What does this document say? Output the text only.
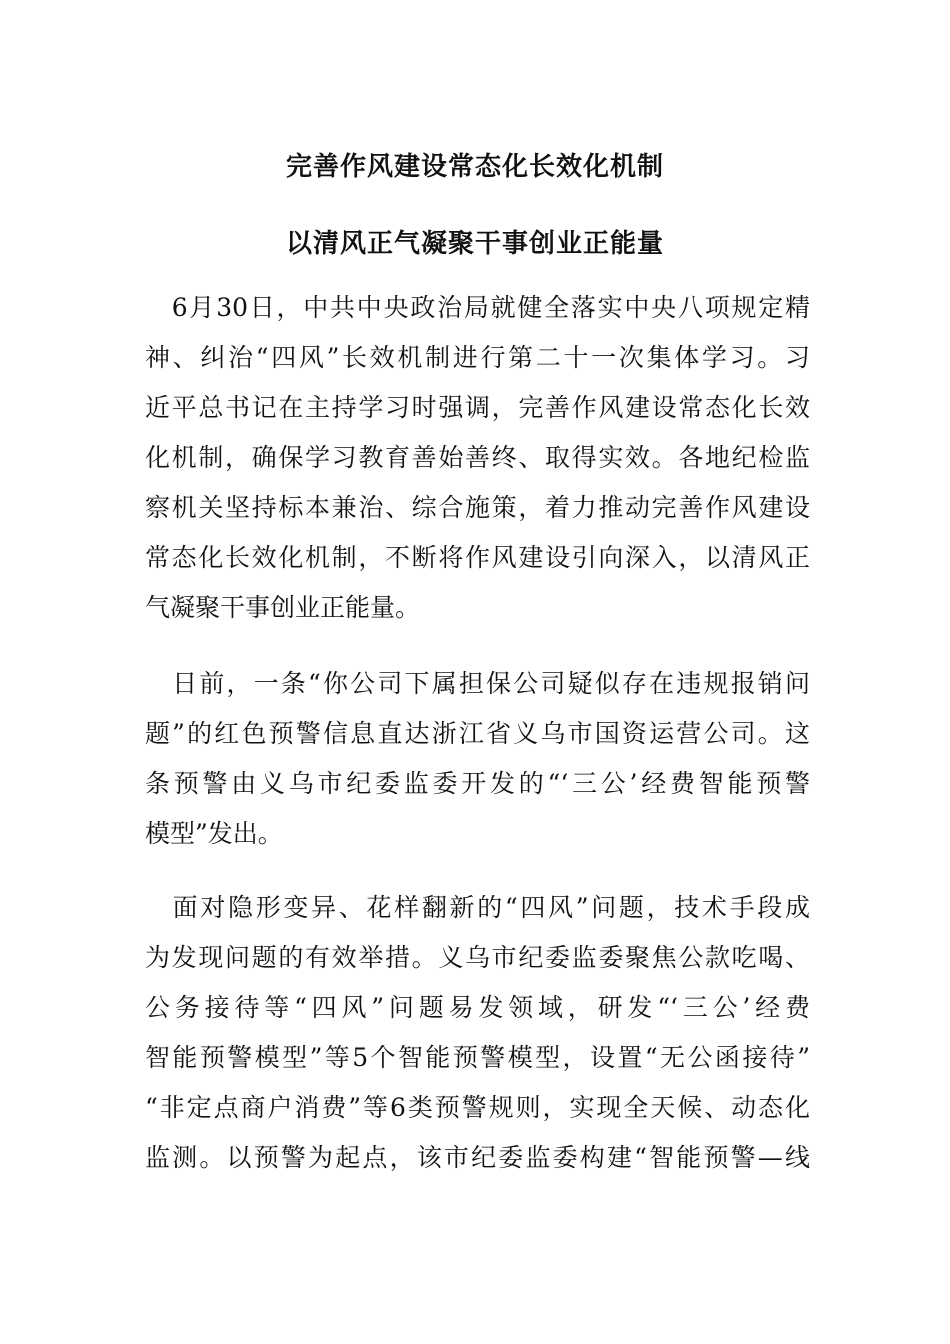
完善作风建设常态化长效化机制
以清风正气凝聚干事创业正能量
　6月30日，中共中央政治局就健全落实中央八项规定精
神、纠治“四风”长效机制进行第二十一次集体学习。习
近平总书记在主持学习时强调，完善作风建设常态化长效
化机制，确保学习教育善始善终、取得实效。各地纪检监
察机关坚持标本兼治、综合施策，着力推动完善作风建设
常态化长效化机制，不断将作风建设引向深入，以清风正
气凝聚干事创业正能量。
　日前，一条“你公司下属担保公司疑似存在违规报销问
题”的红色预警信息直达浙江省义乌市国资运营公司。这
条预警由义乌市纪委监委开发的“‘三公’经费智能预警
模型”发出。
　面对隐形变异、花样翻新的“四风”问题，技术手段成
为发现问题的有效举措。义乌市纪委监委聚焦公款吃喝、
公务接待等“四风”问题易发领域，研发“‘三公’经费
智能预警模型”等5个智能预警模型，设置“无公函接待”
“非定点商户消费”等6类预警规则，实现全天候、动态化
监测。以预警为起点，该市纪委监委构建“智能预警—线
